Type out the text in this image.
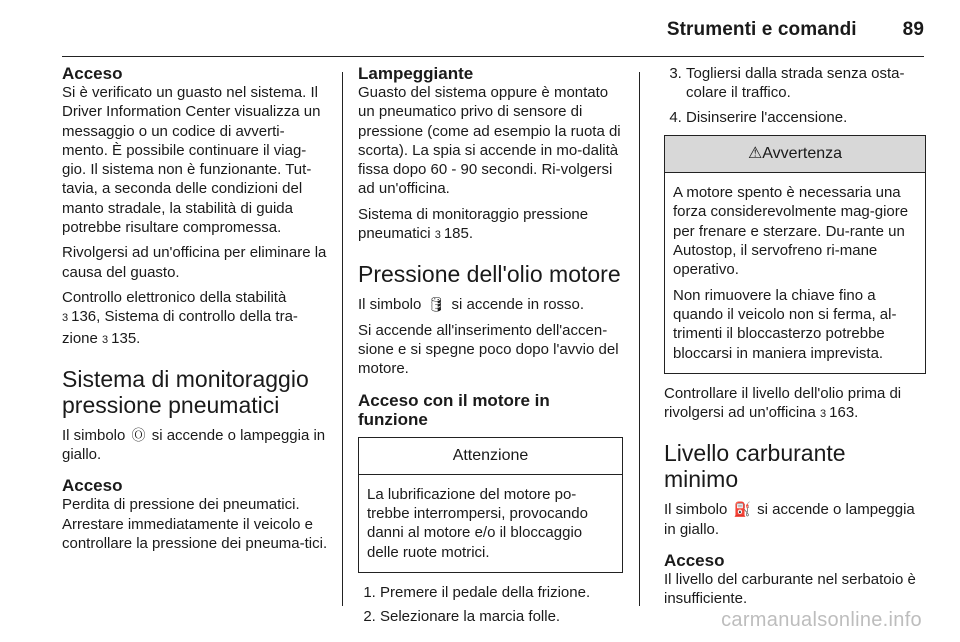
Strumenti e comandi 89
Acceso

Si è verificato un guasto nel sistema. Il Driver Information Center visualizza un messaggio o un codice di avverti-mento. È possibile continuare il viag-gio. Il sistema non è funzionante. Tut-tavia, a seconda delle condizioni del manto stradale, la stabilità di guida potrebbe risultare compromessa.

Rivolgersi ad un'officina per eliminare la causa del guasto.

Controllo elettronico della stabilità
3 136, Sistema di controllo della tra-zione 3 135.

Sistema di monitoraggio pressione pneumatici

Il simbolo Ⓞ si accende o lampeggia in giallo.

Acceso

Perdita di pressione dei pneumatici. Arrestare immediatamente il veicolo e controllare la pressione dei pneuma-tici.

Lampeggiante

Guasto del sistema oppure è montato un pneumatico privo di sensore di pressione (come ad esempio la ruota di scorta). La spia si accende in mo-dalità fissa dopo 60 - 90 secondi. Ri-volgersi ad un'officina.

Sistema di monitoraggio pressione pneumatici 3 185.

Pressione dell'olio motore

Il simbolo 🛢 si accende in rosso.

Si accende all'inserimento dell'accen-sione e si spegne poco dopo l'avvio del motore.

Acceso con il motore in funzione
Attenzione

La lubrificazione del motore po-trebbe interrompersi, provocando danni al motore e/o il bloccaggio delle ruote motrici.

1. Premere il pedale della frizione.
2. Selezionare la marcia folle.
3. Togliersi dalla strada senza osta-colare il traffico.
4. Disinserire l'accensione.
⚠Avvertenza

A motore spento è necessaria una forza considerevolmente mag-giore per frenare e sterzare. Du-rante un Autostop, il servofreno ri-mane operativo.

Non rimuovere la chiave fino a quando il veicolo non si ferma, al-trimenti il bloccasterzo potrebbe bloccarsi in maniera imprevista.

Controllare il livello dell'olio prima di rivolgersi ad un'officina 3 163.

Livello carburante minimo

Il simbolo ⛽ si accende o lampeggia in giallo.

Acceso

Il livello del carburante nel serbatoio è insufficiente.

carmanualsonline.info
